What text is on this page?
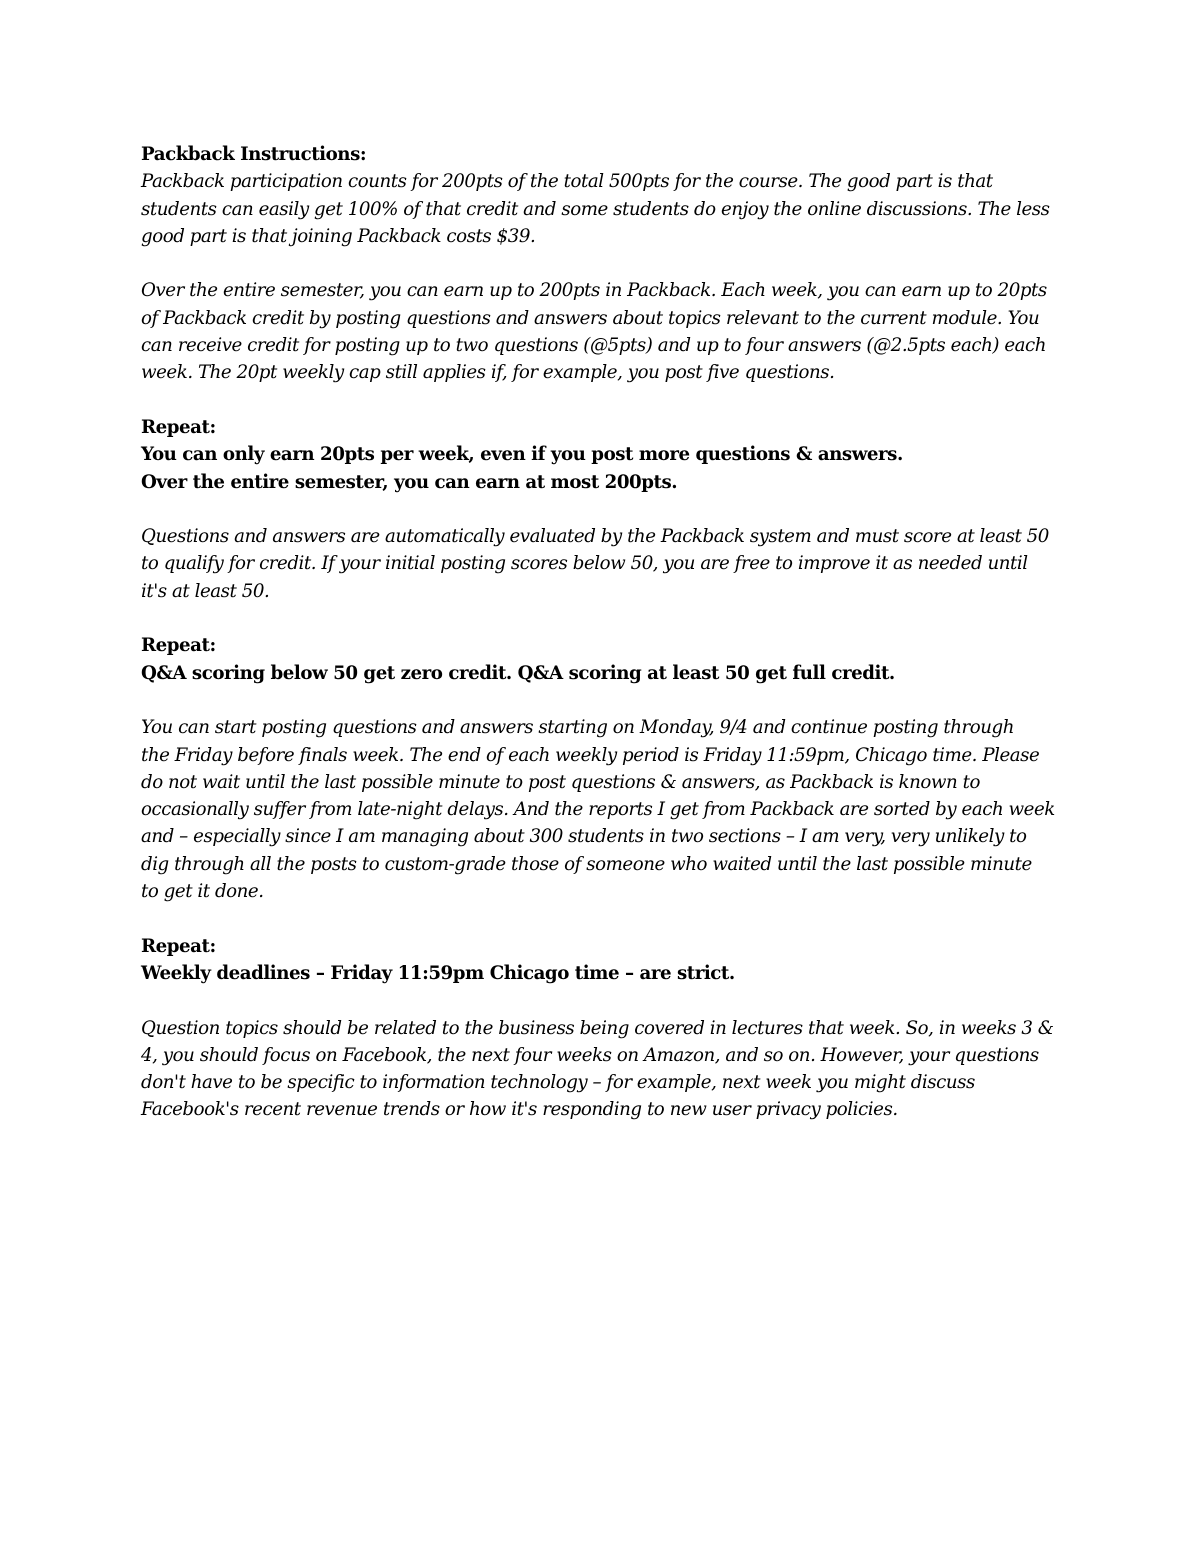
Packback Instructions:
Packback participation counts for 200pts of the total 500pts for the course. The good part is that
students can easily get 100% of that credit and some students do enjoy the online discussions. The less
good part is that joining Packback costs $39.
Over the entire semester, you can earn up to 200pts in Packback. Each week, you can earn up to 20pts
of Packback credit by posting questions and answers about topics relevant to the current module. You
can receive credit for posting up to two questions (@5pts) and up to four answers (@2.5pts each) each
week. The 20pt weekly cap still applies if, for example, you post five questions.
Repeat:
You can only earn 20pts per week, even if you post more questions & answers.
Over the entire semester, you can earn at most 200pts.
Questions and answers are automatically evaluated by the Packback system and must score at least 50
to qualify for credit. If your initial posting scores below 50, you are free to improve it as needed until
it's at least 50.
Repeat:
Q&A scoring below 50 get zero credit. Q&A scoring at least 50 get full credit.
You can start posting questions and answers starting on Monday, 9/4 and continue posting through
the Friday before finals week. The end of each weekly period is Friday 11:59pm, Chicago time. Please
do not wait until the last possible minute to post questions & answers, as Packback is known to
occasionally suffer from late-night delays. And the reports I get from Packback are sorted by each week
and – especially since I am managing about 300 students in two sections – I am very, very unlikely to
dig through all the posts to custom-grade those of someone who waited until the last possible minute
to get it done.
Repeat:
Weekly deadlines – Friday 11:59pm Chicago time – are strict.
Question topics should be related to the business being covered in lectures that week. So, in weeks 3 &
4, you should focus on Facebook, the next four weeks on Amazon, and so on. However, your questions
don't have to be specific to information technology – for example, next week you might discuss
Facebook's recent revenue trends or how it's responding to new user privacy policies.
